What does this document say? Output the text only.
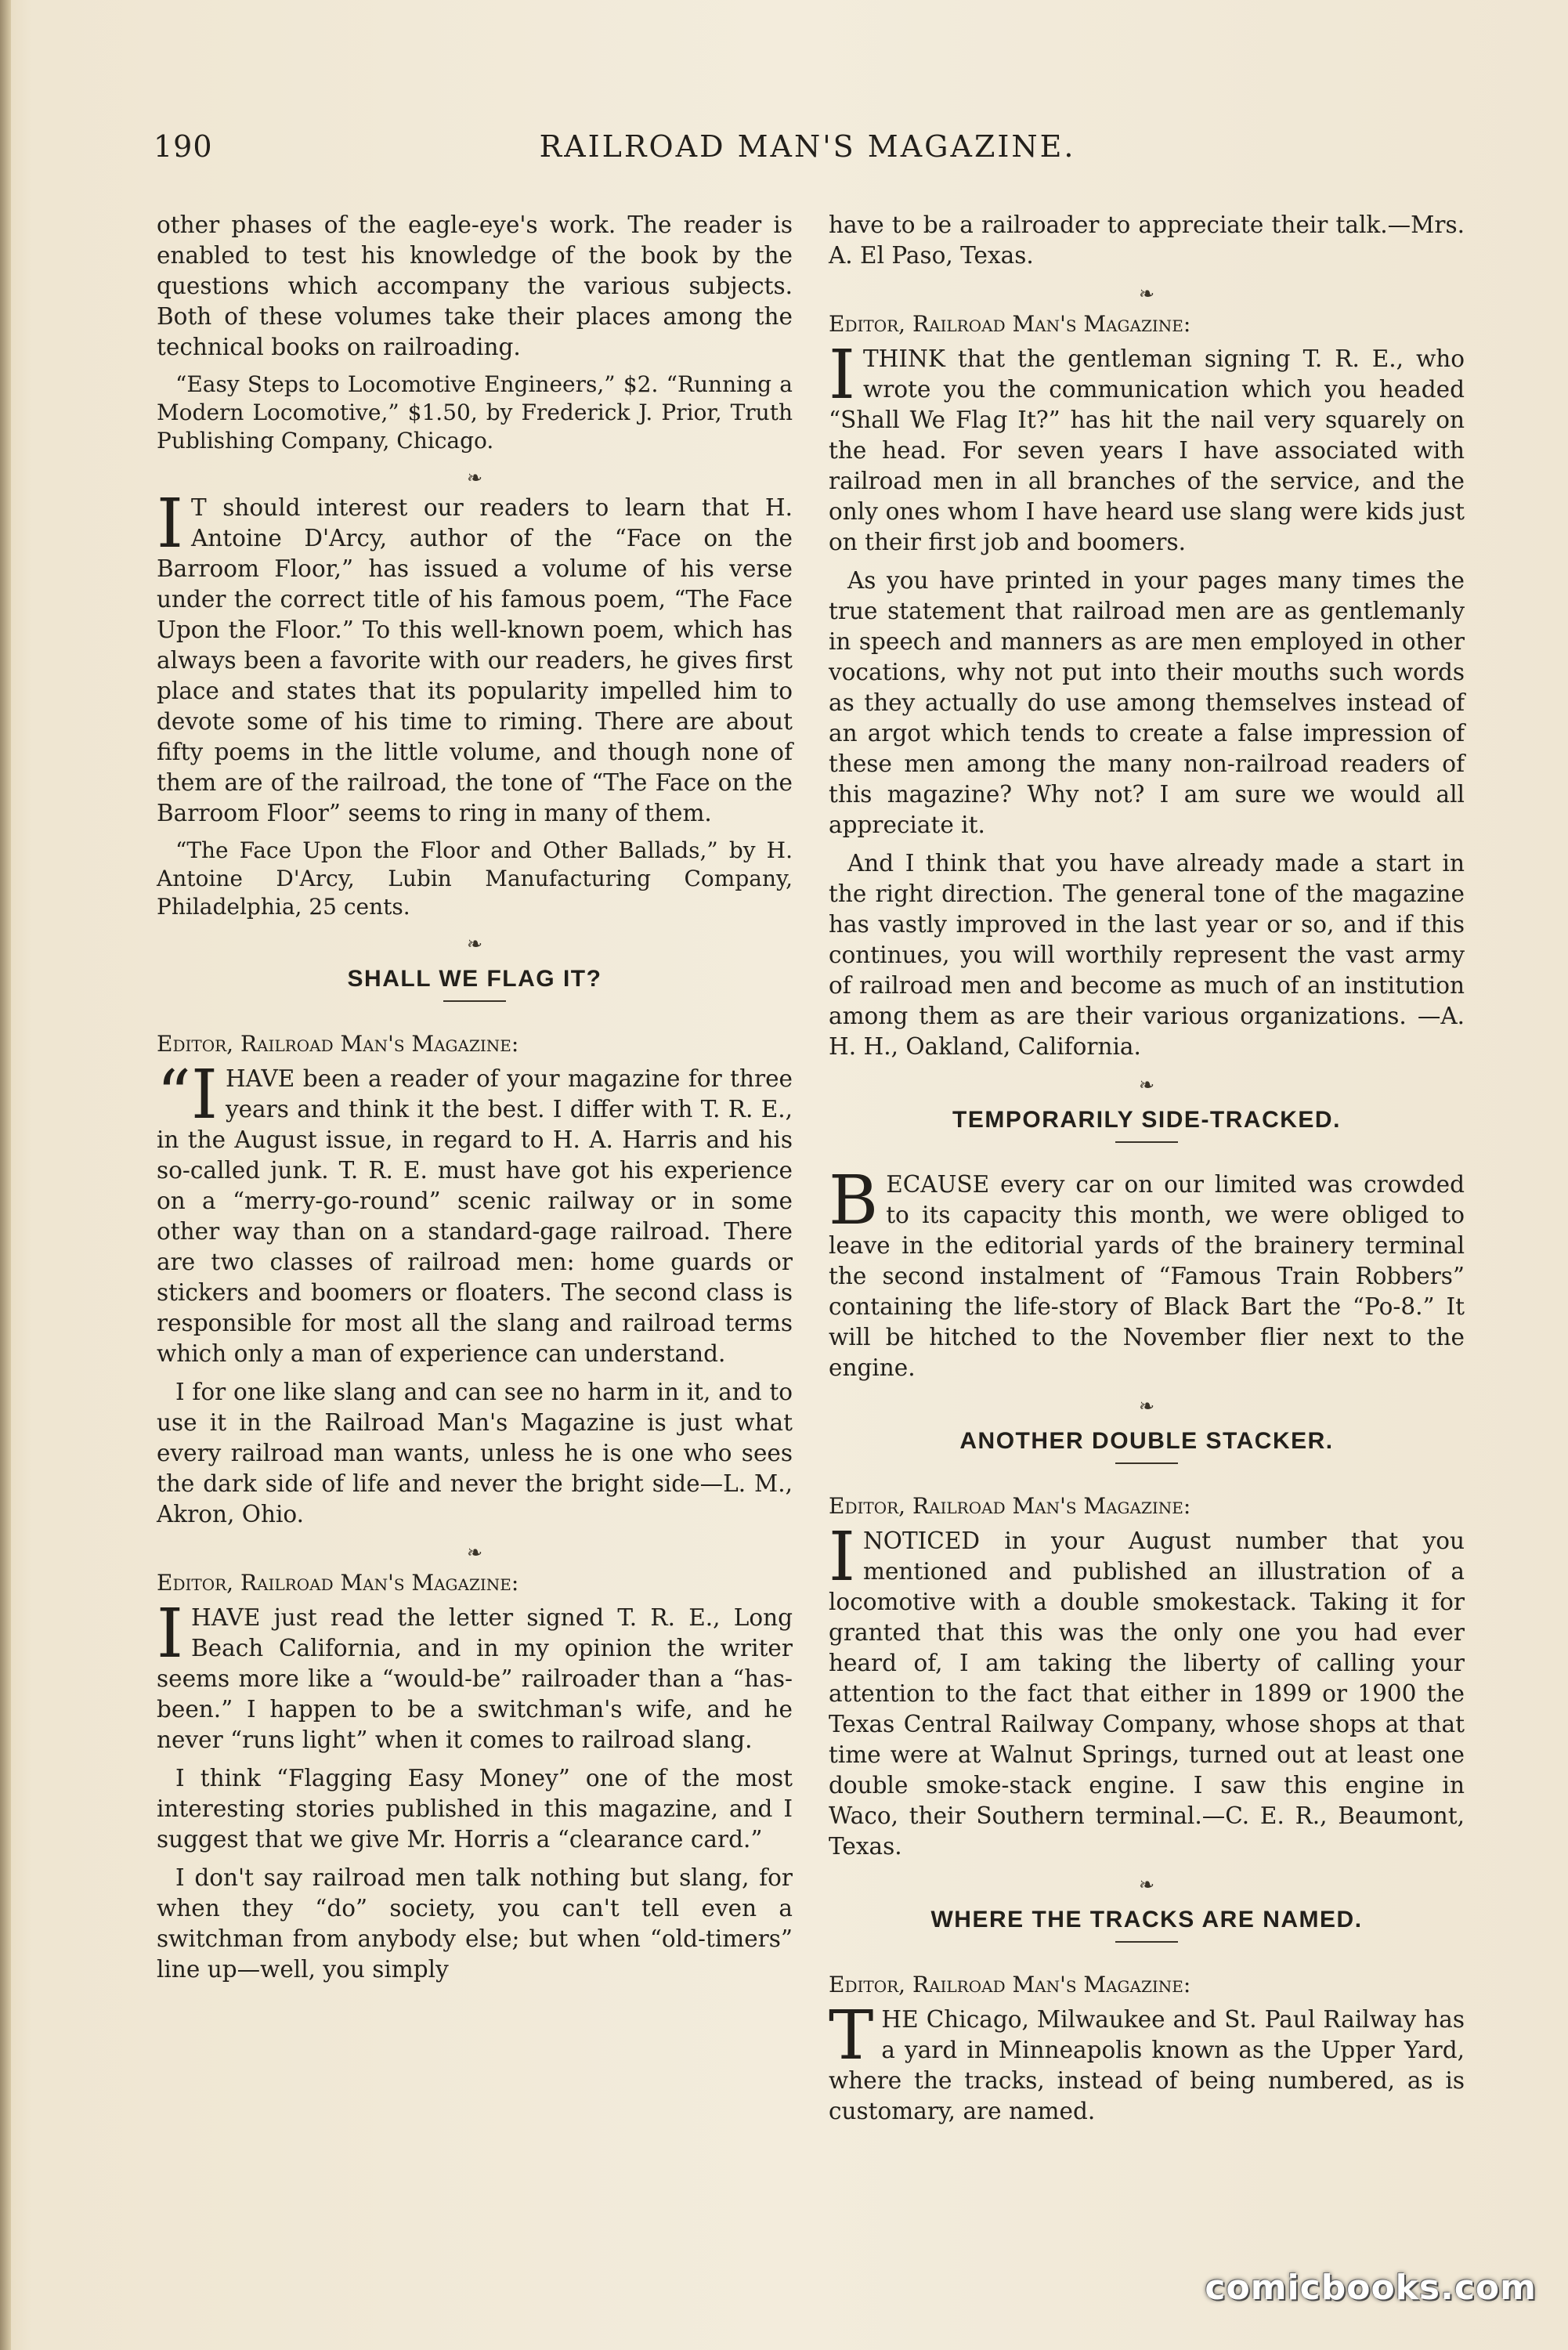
190	RAILROAD MAN'S MAGAZINE.

other phases of the eagle-eye's work. The reader is enabled to test his knowledge of the book by the questions which accompany the various subjects. Both of these volumes take their places among the technical books on railroading.

“Easy Steps to Locomotive Engineers,” $2. “Running a Modern Locomotive,” $1.50, by Frederick J. Prior, Truth Publishing Company, Chicago.

❧

I T should interest our readers to learn that H. Antoine D'Arcy, author of the “Face on the Barroom Floor,” has issued a volume of his verse under the correct title of his famous poem, “The Face Upon the Floor.” To this well-known poem, which has always been a favorite with our readers, he gives first place and states that its popularity impelled him to devote some of his time to riming. There are about fifty poems in the little volume, and though none of them are of the railroad, the tone of “The Face on the Barroom Floor” seems to ring in many of them.

“The Face Upon the Floor and Other Ballads,” by H. Antoine D'Arcy, Lubin Manufacturing Company, Philadelphia, 25 cents.

❧
SHALL WE FLAG IT?

Editor, Railroad Man's Magazine:

“I HAVE been a reader of your magazine for three years and think it the best. I differ with T. R. E., in the August issue, in regard to H. A. Harris and his so-called junk. T. R. E. must have got his experience on a “merry-go-round” scenic railway or in some other way than on a standard-gage railroad. There are two classes of railroad men: home guards or stickers and boomers or floaters. The second class is responsible for most all the slang and railroad terms which only a man of experience can understand.

I for one like slang and can see no harm in it, and to use it in the Railroad Man's Magazine is just what every railroad man wants, unless he is one who sees the dark side of life and never the bright side—L. M., Akron, Ohio.

❧

Editor, Railroad Man's Magazine:

I HAVE just read the letter signed T. R. E., Long Beach California, and in my opinion the writer seems more like a “would-be” railroader than a “has-been.” I happen to be a switchman's wife, and he never “runs light” when it comes to railroad slang.

I think “Flagging Easy Money” one of the most interesting stories published in this magazine, and I suggest that we give Mr. Horris a “clearance card.”

I don't say railroad men talk nothing but slang, for when they “do” society, you can't tell even a switchman from anybody else; but when “old-timers” line up—well, you simply

have to be a railroader to appreciate their talk.—Mrs. A. El Paso, Texas.

❧

Editor, Railroad Man's Magazine:

I THINK that the gentleman signing T. R. E., who wrote you the communication which you headed “Shall We Flag It?” has hit the nail very squarely on the head. For seven years I have associated with railroad men in all branches of the service, and the only ones whom I have heard use slang were kids just on their first job and boomers.

As you have printed in your pages many times the true statement that railroad men are as gentlemanly in speech and manners as are men employed in other vocations, why not put into their mouths such words as they actually do use among themselves instead of an argot which tends to create a false impression of these men among the many non-railroad readers of this magazine? Why not? I am sure we would all appreciate it.

And I think that you have already made a start in the right direction. The general tone of the magazine has vastly improved in the last year or so, and if this continues, you will worthily represent the vast army of railroad men and become as much of an institution among them as are their various organizations. —A. H. H., Oakland, California.

❧
TEMPORARILY SIDE-TRACKED.

BECAUSE every car on our limited was crowded to its capacity this month, we were obliged to leave in the editorial yards of the brainery terminal the second instalment of “Famous Train Robbers” containing the life-story of Black Bart the “Po-8.” It will be hitched to the November flier next to the engine.

❧
ANOTHER DOUBLE STACKER.

Editor, Railroad Man's Magazine:

I NOTICED in your August number that you mentioned and published an illustration of a locomotive with a double smokestack. Taking it for granted that this was the only one you had ever heard of, I am taking the liberty of calling your attention to the fact that either in 1899 or 1900 the Texas Central Railway Company, whose shops at that time were at Walnut Springs, turned out at least one double smoke-stack engine. I saw this engine in Waco, their Southern terminal.—C. E. R., Beaumont, Texas.

❧
WHERE THE TRACKS ARE NAMED.

Editor, Railroad Man's Magazine:

THE Chicago, Milwaukee and St. Paul Railway has a yard in Minneapolis known as the Upper Yard, where the tracks, instead of being numbered, as is customary, are named.

comicbooks.com
